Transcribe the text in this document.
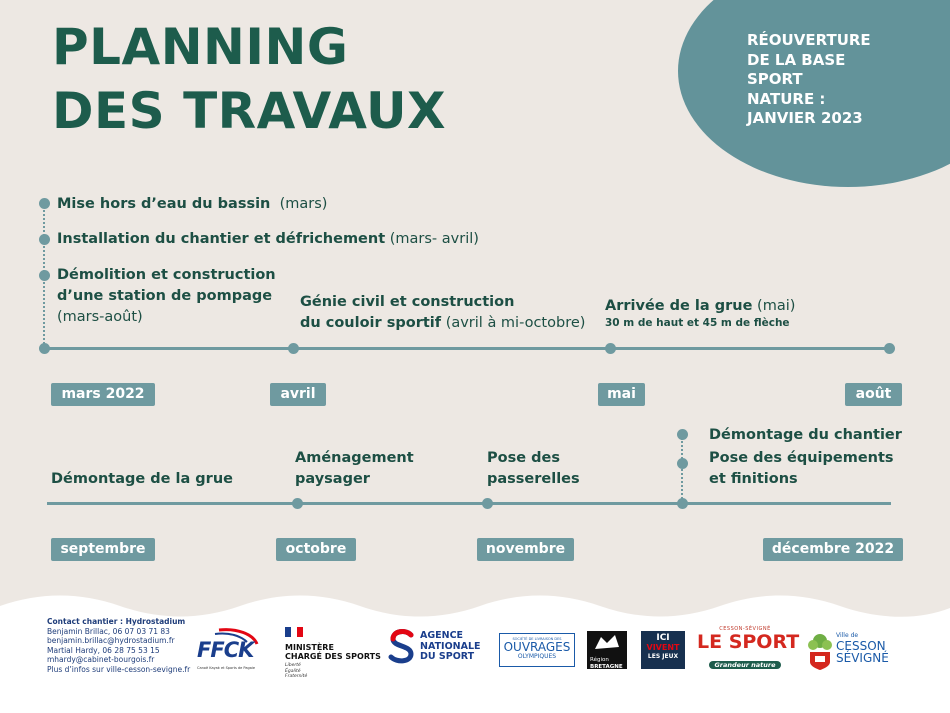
PLANNING
DES TRAVAUX
RÉOUVERTURE
DE LA BASE
SPORT
NATURE :
JANVIER 2023
Mise hors d’eau du bassin (mars)
Installation du chantier et défrichement (mars- avril)
Démolition et construction
d’une station de pompage
(mars-août)
Génie civil et construction
du couloir sportif (avril à mi-octobre)
Arrivée de la grue (mai)
30 m de haut et 45 m de flèche
mars 2022	avril	mai	août
Démontage de la grue
Aménagement
paysager
Pose des
passerelles
Démontage du chantier
Pose des équipements
et finitions
septembre	octobre	novembre	décembre 2022
Contact chantier : Hydrostadium
Benjamin Brillac, 06 07 03 71 83
benjamin.brillac@hydrostadium.fr
Martial Hardy, 06 28 75 53 15
mhardy@cabinet-bourgois.fr
Plus d’infos sur ville-cesson-sevigne.fr
FFCK
Canoë Kayak et Sports de Pagaie
MINISTÈRE
CHARGÉ DES SPORTS
Liberté
Égalité
Fraternité
AGENCE
NATIONALE
DU SPORT
SOCIÉTÉ DE LIVRAISON DES
OUVRAGES
OLYMPIQUES	Région
BRETAGNE
ICI
VIVENT
LES JEUX
CESSON-SÉVIGNÉ
LE SPORT
Grandeur nature
Ville de
CESSON
SÉVIGNÉ
